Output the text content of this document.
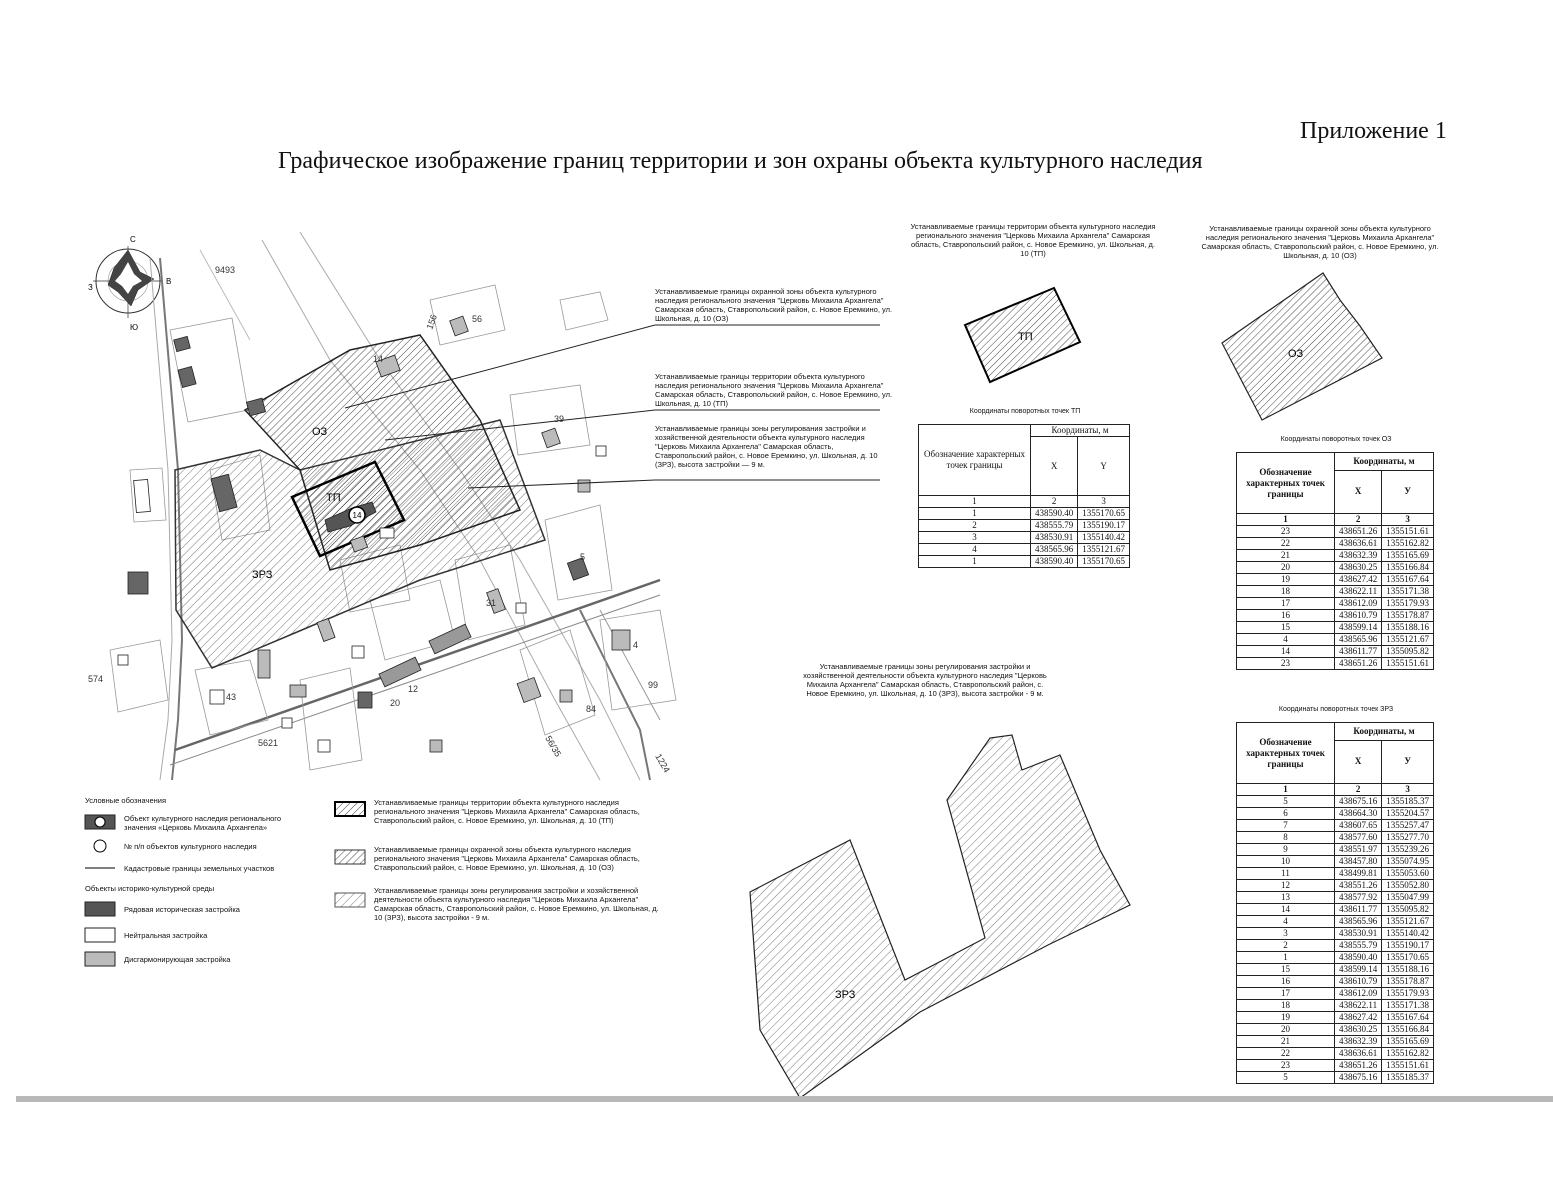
Приложение 1
Графическое изображение границ территории и зон охраны объекта культурного наследия
С
Ю
З
В
14
ОЗ
ТП
ЗРЗ
9493
156	56
39
31
43
12
20
5621
84
56/35
99
4
1224
574
5
14
ТП
ОЗ
ЗРЗ
Устанавливаемые границы охранной зоны объекта культурного наследия регионального значения "Церковь Михаила Архангела" Самарская область, Ставропольский район, с. Новое Еремкино, ул. Школьная, д. 10 (ОЗ)
Устанавливаемые границы территории объекта культурного наследия регионального значения "Церковь Михаила Архангела" Самарская область, Ставропольский район, с. Новое Еремкино, ул. Школьная, д. 10 (ТП)
Устанавливаемые границы зоны регулирования застройки и хозяйственной деятельности объекта культурного наследия "Церковь Михаила Архангела" Самарская область, Ставропольский район, с. Новое Еремкино, ул. Школьная, д. 10 (ЗРЗ), высота застройки — 9 м.
Устанавливаемые границы территории объекта культурного наследия регионального значения "Церковь Михаила Архангела" Самарская область, Ставропольский район, с. Новое Еремкино, ул. Школьная, д. 10 (ТП)
Координаты поворотных точек ТП
Обозначение характерных точек границы	Координаты, м	
	X	Y
1	2	3
1	438590.40	1355170.65
2	438555.79	1355190.17
3	438530.91	1355140.42
4	438565.96	1355121.67
1	438590.40	1355170.65
Устанавливаемые границы охранной зоны объекта культурного наследия регионального значения "Церковь Михаила Архангела" Самарская область, Ставропольский район, с. Новое Еремкино, ул. Школьная, д. 10 (ОЗ)
Координаты поворотных точек ОЗ
Обозначение характерных точек границы	Координаты, м	
	X	У
1	2	3
23	438651.26	1355151.61
22	438636.61	1355162.82
21	438632.39	1355165.69
20	438630.25	1355166.84
19	438627.42	1355167.64
18	438622.11	1355171.38
17	438612.09	1355179.93
16	438610.79	1355178.87
15	438599.14	1355188.16
4	438565.96	1355121.67
14	438611.77	1355095.82
23	438651.26	1355151.61
Устанавливаемые границы зоны регулирования застройки и хозяйственной деятельности объекта культурного наследия "Церковь Михаила Архангела" Самарская область, Ставропольский район, с. Новое Еремкино, ул. Школьная, д. 10 (ЗРЗ), высота застройки - 9 м.
Координаты поворотных точек ЗРЗ
Обозначение характерных точек границы	Координаты, м	
	X	У
1	2	3
5	438675.16	1355185.37
6	438664.30	1355204.57
7	438607.65	1355257.47
8	438577.60	1355277.70
9	438551.97	1355239.26
10	438457.80	1355074.95
11	438499.81	1355053.60
12	438551.26	1355052.80
13	438577.92	1355047.99
14	438611.77	1355095.82
4	438565.96	1355121.67
3	438530.91	1355140.42
2	438555.79	1355190.17
1	438590.40	1355170.65
15	438599.14	1355188.16
16	438610.79	1355178.87
17	438612.09	1355179.93
18	438622.11	1355171.38
19	438627.42	1355167.64
20	438630.25	1355166.84
21	438632.39	1355165.69
22	438636.61	1355162.82
23	438651.26	1355151.61
5	438675.16	1355185.37
Условные обозначения
Объект культурного наследия регионального значения «Церковь Михаила Архангела»
№ п/п объектов культурного наследия
Кадастровые границы земельных участков
Объекты историко-культурной среды
Рядовая историческая застройка
Нейтральная застройка
Дисгармонирующая застройка
Устанавливаемые границы территории объекта культурного наследия регионального значения "Церковь Михаила Архангела" Самарская область, Ставропольский район, с. Новое Еремкино, ул. Школьная, д. 10 (ТП)
Устанавливаемые границы охранной зоны объекта культурного наследия регионального значения "Церковь Михаила Архангела" Самарская область, Ставропольский район, с. Новое Еремкино, ул. Школьная, д. 10 (ОЗ)
Устанавливаемые границы зоны регулирования застройки и хозяйственной деятельности объекта культурного наследия "Церковь Михаила Архангела" Самарская область, Ставропольский район, с. Новое Еремкино, ул. Школьная, д. 10 (ЗРЗ), высота застройки - 9 м.
